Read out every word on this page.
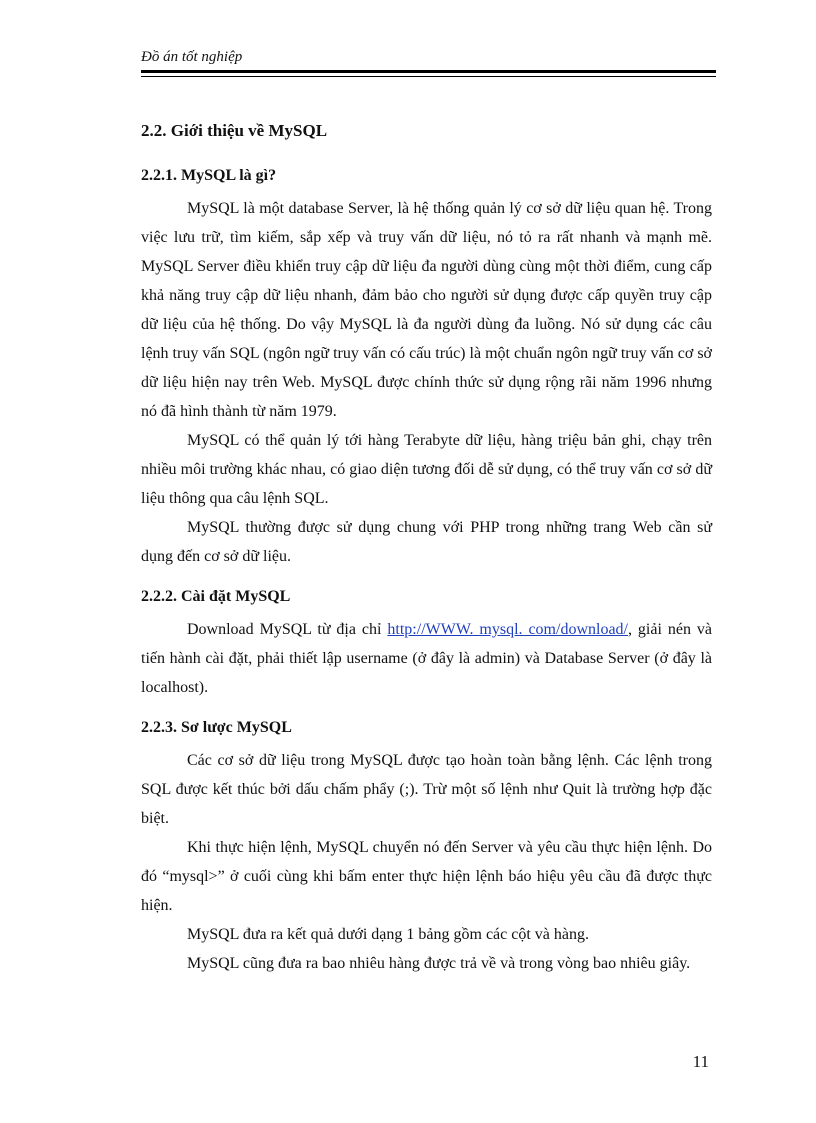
Đồ án tốt nghiệp
2.2. Giới thiệu về MySQL
2.2.1. MySQL là gì?

MySQL là một database Server, là hệ thống quản lý cơ sở dữ liệu quan hệ. Trong việc lưu trữ, tìm kiếm, sắp xếp và truy vấn dữ liệu, nó tỏ ra rất nhanh và mạnh mẽ. MySQL Server điều khiển truy cập dữ liệu đa người dùng cùng một thời điểm, cung cấp khả năng truy cập dữ liệu nhanh, đảm bảo cho người sử dụng được cấp quyền truy cập dữ liệu của hệ thống. Do vậy MySQL là đa người dùng đa luồng. Nó sử dụng các câu lệnh truy vấn SQL (ngôn ngữ truy vấn có cấu trúc) là một chuẩn ngôn ngữ truy vấn cơ sở dữ liệu hiện nay trên Web. MySQL được chính thức sử dụng rộng rãi năm 1996 nhưng nó đã hình thành từ năm 1979.

MySQL có thể quản lý tới hàng Terabyte dữ liệu, hàng triệu bản ghi, chạy trên nhiều môi trường khác nhau, có giao diện tương đối dễ sử dụng, có thể truy vấn cơ sở dữ liệu thông qua câu lệnh SQL.

MySQL thường được sử dụng chung với PHP trong những trang Web cần sử dụng đến cơ sở dữ liệu.

2.2.2. Cài đặt MySQL

Download MySQL từ địa chỉ http://WWW. mysql. com/download/, giải nén và tiến hành cài đặt, phải thiết lập username (ở đây là admin) và Database Server (ở đây là localhost).

2.2.3. Sơ lược MySQL

Các cơ sở dữ liệu trong MySQL được tạo hoàn toàn bằng lệnh. Các lệnh trong SQL được kết thúc bởi dấu chấm phẩy (;). Trừ một số lệnh như Quit là trường hợp đặc biệt.

Khi thực hiện lệnh, MySQL chuyển nó đến Server và yêu cầu thực hiện lệnh. Do đó “mysql>” ở cuối cùng khi bấm enter thực hiện lệnh báo hiệu yêu cầu đã được thực hiện.

MySQL đưa ra kết quả dưới dạng 1 bảng gồm các cột và hàng.

MySQL cũng đưa ra bao nhiêu hàng được trả về và trong vòng bao nhiêu giây.

11
